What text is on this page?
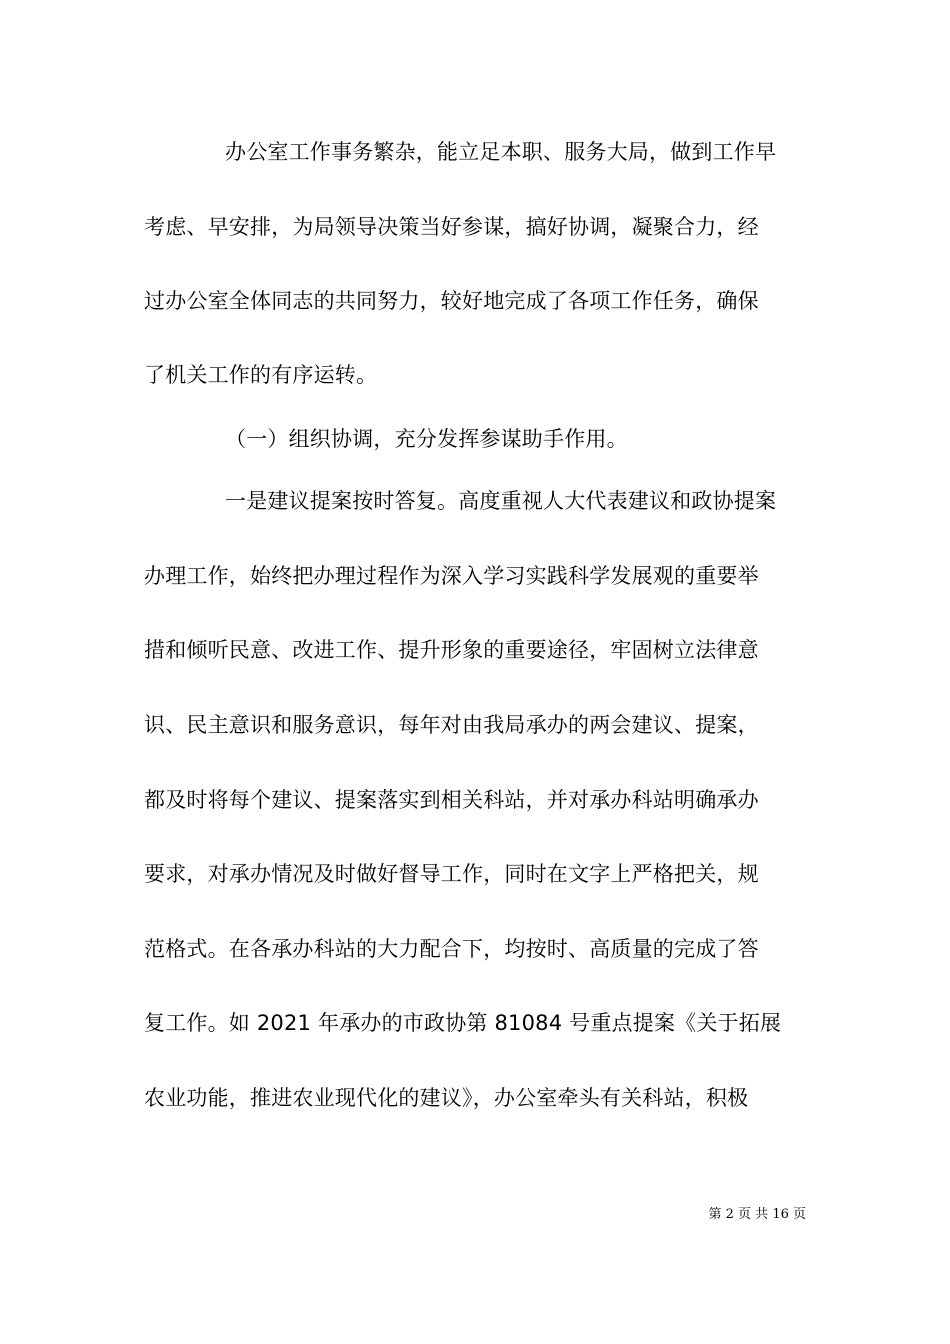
办公室工作事务繁杂，能立足本职、服务大局，做到工作早
考虑、早安排，为局领导决策当好参谋，搞好协调，凝聚合力，经
过办公室全体同志的共同努力，较好地完成了各项工作任务，确保
了机关工作的有序运转。
（一）组织协调，充分发挥参谋助手作用。
一是建议提案按时答复。高度重视人大代表建议和政协提案
办理工作，始终把办理过程作为深入学习实践科学发展观的重要举
措和倾听民意、改进工作、提升形象的重要途径，牢固树立法律意
识、民主意识和服务意识，每年对由我局承办的两会建议、提案，
都及时将每个建议、提案落实到相关科站，并对承办科站明确承办
要求，对承办情况及时做好督导工作，同时在文字上严格把关，规
范格式。在各承办科站的大力配合下，均按时、高质量的完成了答
复工作。如 2021 年承办的市政协第 81084 号重点提案《关于拓展
农业功能，推进农业现代化的建议》，办公室牵头有关科站，积极
第 2 页 共 16 页
